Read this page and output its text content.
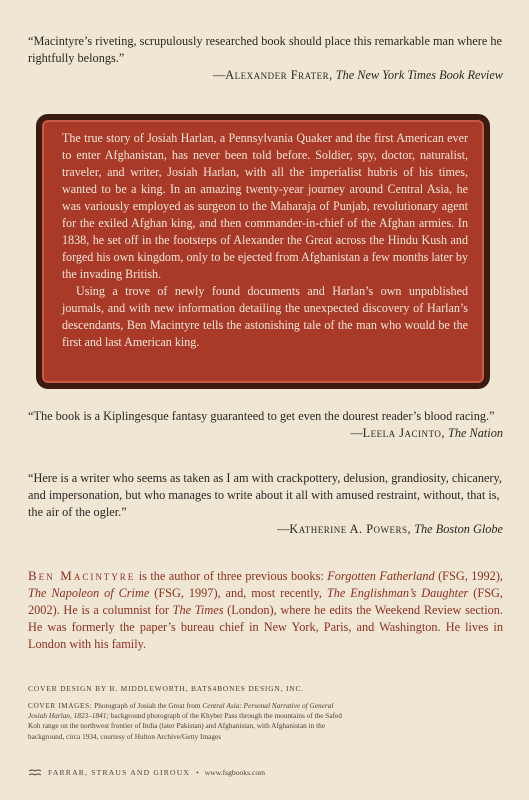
“Macintyre’s riveting, scrupulously researched book should place this remarkable man where he rightfully belongs.”

—Alexander Frater, The New York Times Book Review

The true story of Josiah Harlan, a Pennsylvania Quaker and the first American ever to enter Afghanistan, has never been told before. Soldier, spy, doctor, naturalist, traveler, and writer, Josiah Harlan, with all the imperialist hubris of his times, wanted to be a king. In an amazing twenty-year journey around Central Asia, he was variously employed as surgeon to the Maharaja of Punjab, revolutionary agent for the exiled Afghan king, and then commander-in-chief of the Afghan armies. In 1838, he set off in the footsteps of Alexander the Great across the Hindu Kush and forged his own kingdom, only to be ejected from Afghanistan a few months later by the invading British.

Using a trove of newly found documents and Harlan’s own unpublished journals, and with new information detailing the unexpected discovery of Harlan’s descendants, Ben Macintyre tells the astonishing tale of the man who would be the first and last American king.

“The book is a Kiplingesque fantasy guaranteed to get even the dourest reader’s blood racing.”

—Leela Jacinto, The Nation

“Here is a writer who seems as taken as I am with crackpottery, delusion, grandiosity, chicanery, and impersonation, but who manages to write about it all with amused restraint, without, that is, the air of the ogler.”

—Katherine A. Powers, The Boston Globe

Ben Macintyre is the author of three previous books: Forgotten Fatherland (FSG, 1992), The Napoleon of Crime (FSG, 1997), and, most recently, The Englishman’s Daughter (FSG, 2002). He is a columnist for The Times (London), where he edits the Weekend Review section. He was formerly the paper’s bureau chief in New York, Paris, and Washington. He lives in London with his family.
COVER DESIGN BY B. MIDDLEWORTH, BATS4BONES DESIGN, INC.
COVER IMAGES: Photograph of Josiah the Great from Central Asia: Personal Narrative of General Josiah Harlan, 1823–1841; background photograph of the Khyber Pass through the mountains of the Safed Koh range on the northwest frontier of India (later Pakistan) and Afghanistan, with Afghanistan in the background, circa 1934, courtesy of Hulton Archive/Getty Images
FARRAR, STRAUS AND GIROUX • www.fsgbooks.com
